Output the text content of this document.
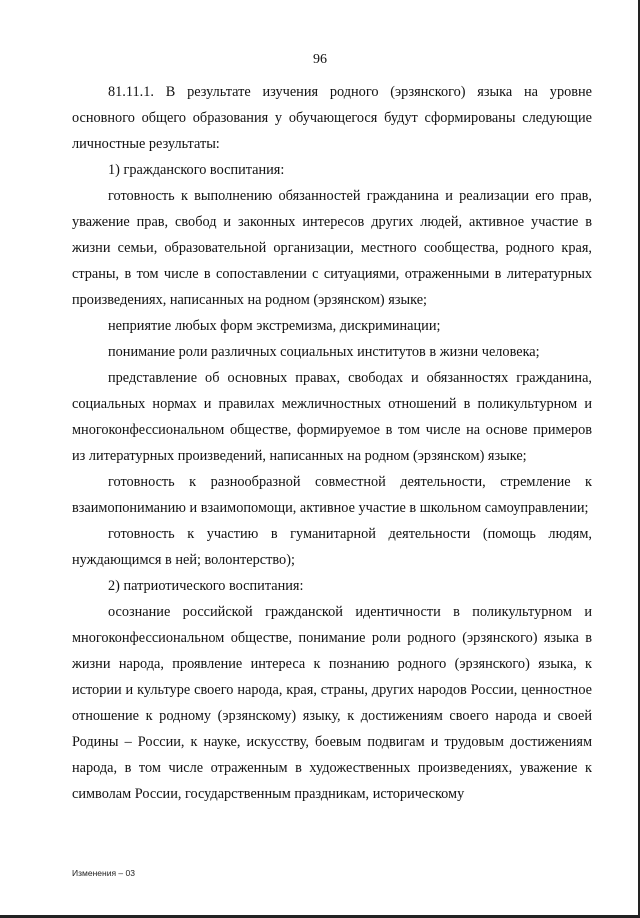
96

81.11.1. В результате изучения родного (эрзянского) языка на уровне основного общего образования у обучающегося будут сформированы следующие личностные результаты:

1) гражданского воспитания:

готовность к выполнению обязанностей гражданина и реализации его прав, уважение прав, свобод и законных интересов других людей, активное участие в жизни семьи, образовательной организации, местного сообщества, родного края, страны, в том числе в сопоставлении с ситуациями, отраженными в литературных произведениях, написанных на родном (эрзянском) языке;

неприятие любых форм экстремизма, дискриминации;

понимание роли различных социальных институтов в жизни человека;

представление об основных правах, свободах и обязанностях гражданина, социальных нормах и правилах межличностных отношений в поликультурном и многоконфессиональном обществе, формируемое в том числе на основе примеров из литературных произведений, написанных на родном (эрзянском) языке;

готовность к разнообразной совместной деятельности, стремление к взаимопониманию и взаимопомощи, активное участие в школьном самоуправлении;

готовность к участию в гуманитарной деятельности (помощь людям, нуждающимся в ней; волонтерство);

2) патриотического воспитания:

осознание российской гражданской идентичности в поликультурном и многоконфессиональном обществе, понимание роли родного (эрзянского) языка в жизни народа, проявление интереса к познанию родного (эрзянского) языка, к истории и культуре своего народа, края, страны, других народов России, ценностное отношение к родному (эрзянскому) языку, к достижениям своего народа и своей Родины – России, к науке, искусству, боевым подвигам и трудовым достижениям народа, в том числе отраженным в художественных произведениях, уважение к символам России, государственным праздникам, историческому

Изменения – 03
